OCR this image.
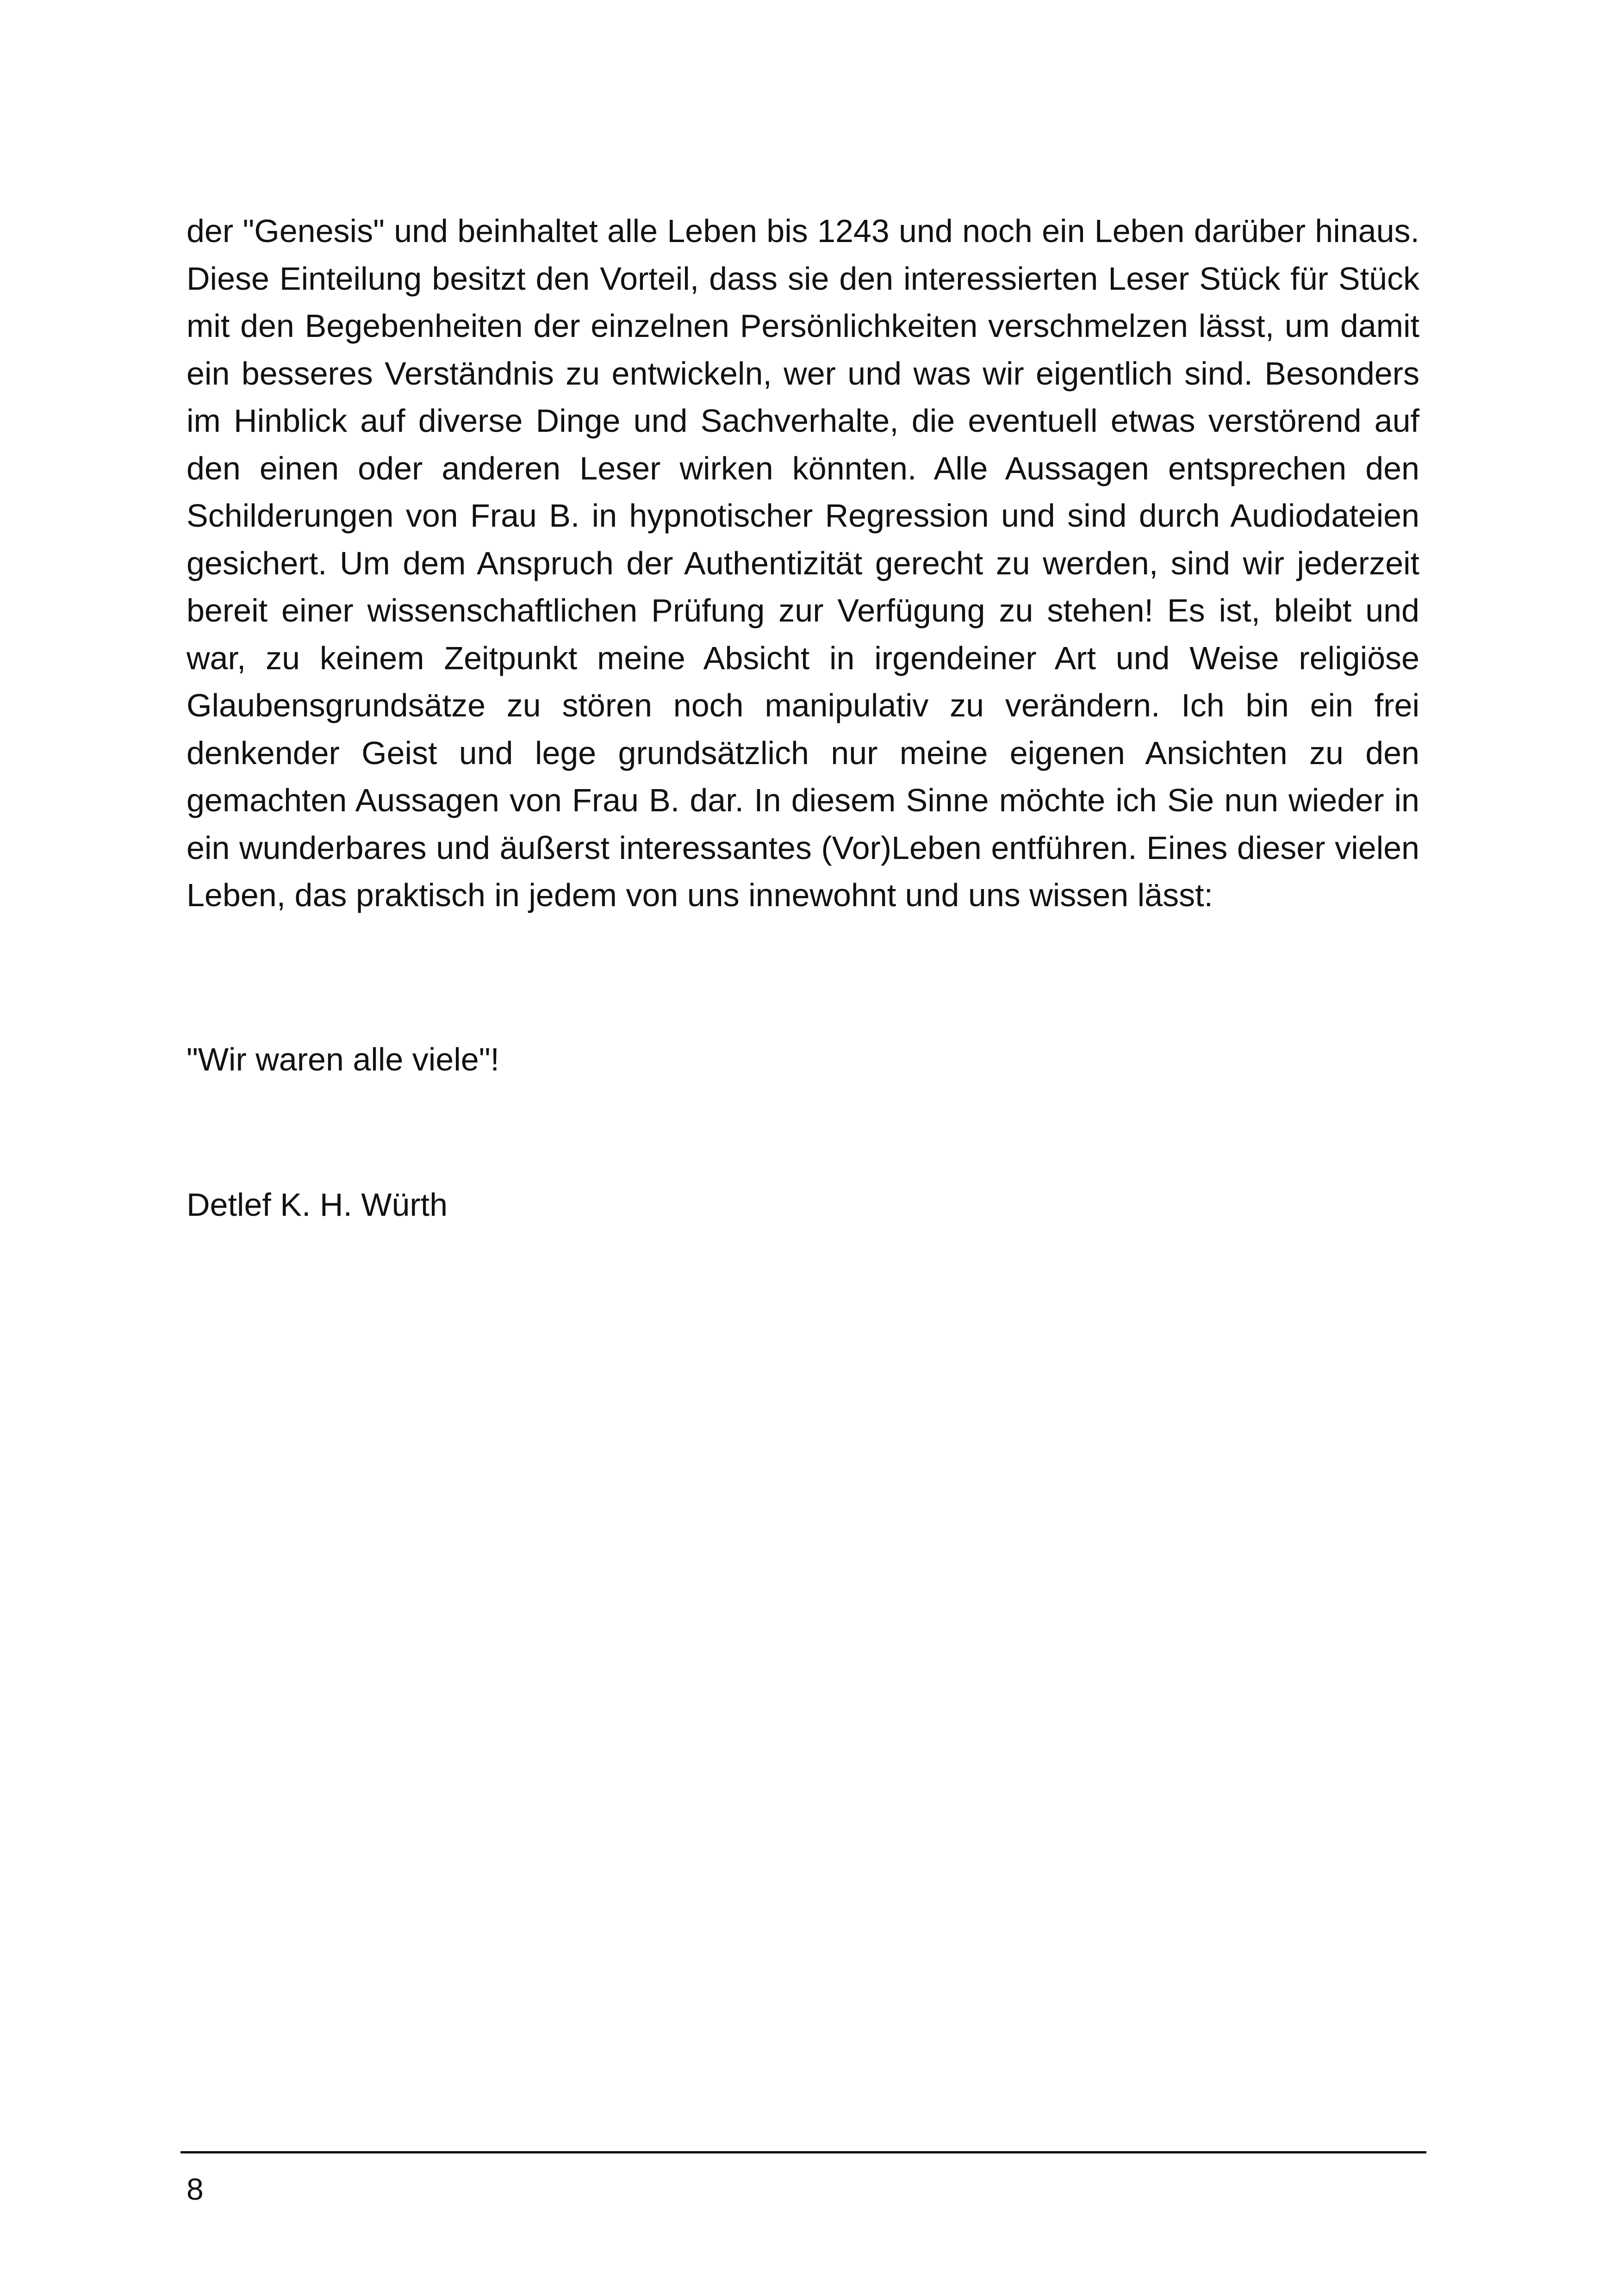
der "Genesis" und beinhaltet alle Leben bis 1243 und noch ein Leben darüber hinaus. Diese Einteilung besitzt den Vorteil, dass sie den interessierten Leser Stück für Stück mit den Begebenheiten der einzelnen Persönlichkeiten verschmelzen lässt, um damit ein besseres Verständnis zu entwickeln, wer und was wir eigentlich sind. Besonders im Hinblick auf diverse Dinge und Sachverhalte, die eventuell etwas verstörend auf den einen oder anderen Leser wirken könnten. Alle Aussagen entsprechen den Schilderungen von Frau B. in hypnotischer Regression und sind durch Audiodateien gesichert. Um dem Anspruch der Authentizität gerecht zu werden, sind wir jederzeit bereit einer wissenschaftlichen Prüfung zur Verfügung zu stehen! Es ist, bleibt und war, zu keinem Zeitpunkt meine Absicht in irgendeiner Art und Weise religiöse Glaubensgrundsätze zu stören noch manipulativ zu verändern. Ich bin ein frei denkender Geist und lege grundsätzlich nur meine eigenen Ansichten zu den gemachten Aussagen von Frau B. dar. In diesem Sinne möchte ich Sie nun wieder in ein wunderbares und äußerst interessantes (Vor)Leben entführen. Eines dieser vielen Leben, das praktisch in jedem von uns innewohnt und uns wissen lässt:

"Wir waren alle viele"!

Detlef K. H. Würth

8
